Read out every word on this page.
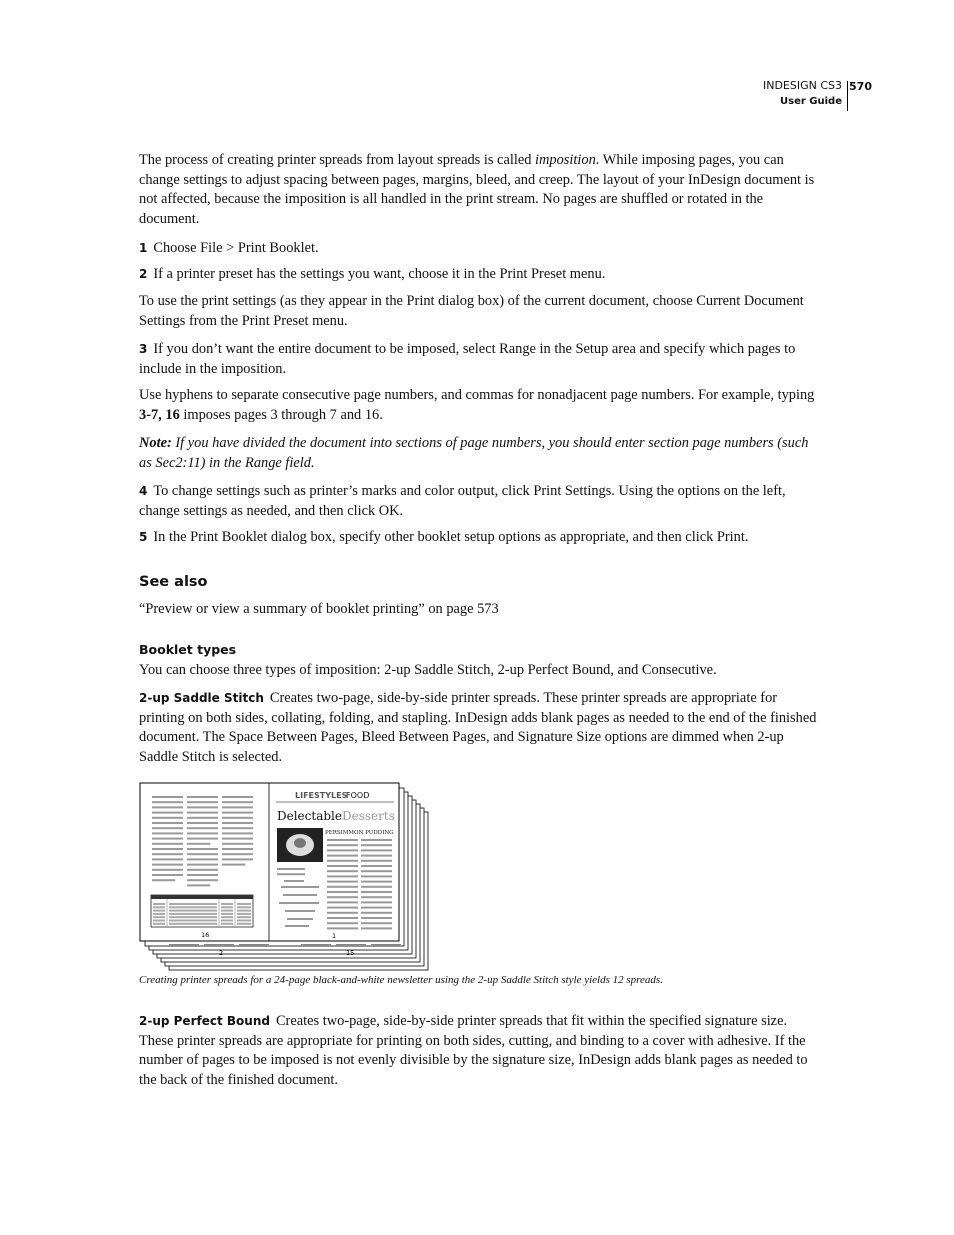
INDESIGN CS3
User Guide
570

The process of creating printer spreads from layout spreads is called imposition. While imposing pages, you can change settings to adjust spacing between pages, margins, bleed, and creep. The layout of your InDesign document is not affected, because the imposition is all handled in the print stream. No pages are shuffled or rotated in the document.

1 Choose File > Print Booklet.

2 If a printer preset has the settings you want, choose it in the Print Preset menu.

To use the print settings (as they appear in the Print dialog box) of the current document, choose Current Document Settings from the Print Preset menu.

3 If you don’t want the entire document to be imposed, select Range in the Setup area and specify which pages to include in the imposition.

Use hyphens to separate consecutive page numbers, and commas for nonadjacent page numbers. For example, typing 3-7, 16 imposes pages 3 through 7 and 16.

Note: If you have divided the document into sections of page numbers, you should enter section page numbers (such as Sec2:11) in the Range field.

4 To change settings such as printer’s marks and color output, click Print Settings. Using the options on the left, change settings as needed, and then click OK.

5 In the Print Booklet dialog box, specify other booklet setup options as appropriate, and then click Print.

See also

“Preview or view a summary of booklet printing” on page 573

Booklet types

You can choose three types of imposition: 2-up Saddle Stitch, 2-up Perfect Bound, and Consecutive.

2-up Saddle Stitch Creates two-page, side-by-side printer spreads. These printer spreads are appropriate for printing on both sides, collating, folding, and stapling. InDesign adds blank pages as needed to the end of the finished document. The Space Between Pages, Bleed Between Pages, and Signature Size options are dimmed when 2-up Saddle Stitch is selected.

2	15
16
LIFESTYLES
FOOD
Delectable Desserts
PERSIMMON PUDDING
1
Creating printer spreads for a 24-page black-and-white newsletter using the 2-up Saddle Stitch style yields 12 spreads.

2-up Perfect Bound Creates two-page, side-by-side printer spreads that fit within the specified signature size. These printer spreads are appropriate for printing on both sides, cutting, and binding to a cover with adhesive. If the number of pages to be imposed is not evenly divisible by the signature size, InDesign adds blank pages as needed to the back of the finished document.
